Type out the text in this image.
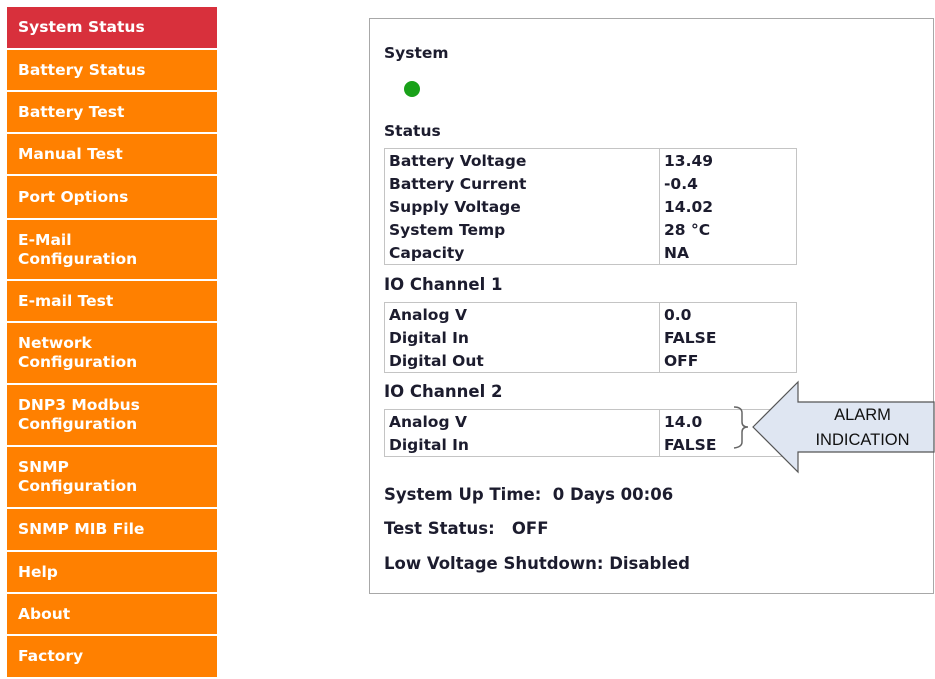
System Status
Battery Status
Battery Test
Manual Test
Port Options
E-Mail
Configuration
E-mail Test
Network
Configuration
DNP3 Modbus
Configuration
SNMP
Configuration
SNMP MIB File
Help
About
Factory
System
Status
Battery Voltage	13.49
Battery Current	-0.4
Supply Voltage	14.02
System Temp	28 °C
Capacity	NA
IO Channel 1
Analog V	0.0
Digital In	FALSE
Digital Out	OFF
IO Channel 2
Analog V	14.0
Digital In	FALSE
System Up Time:  0 Days 00:06
Test Status:   OFF
Low Voltage Shutdown: Disabled
ALARM
INDICATION
